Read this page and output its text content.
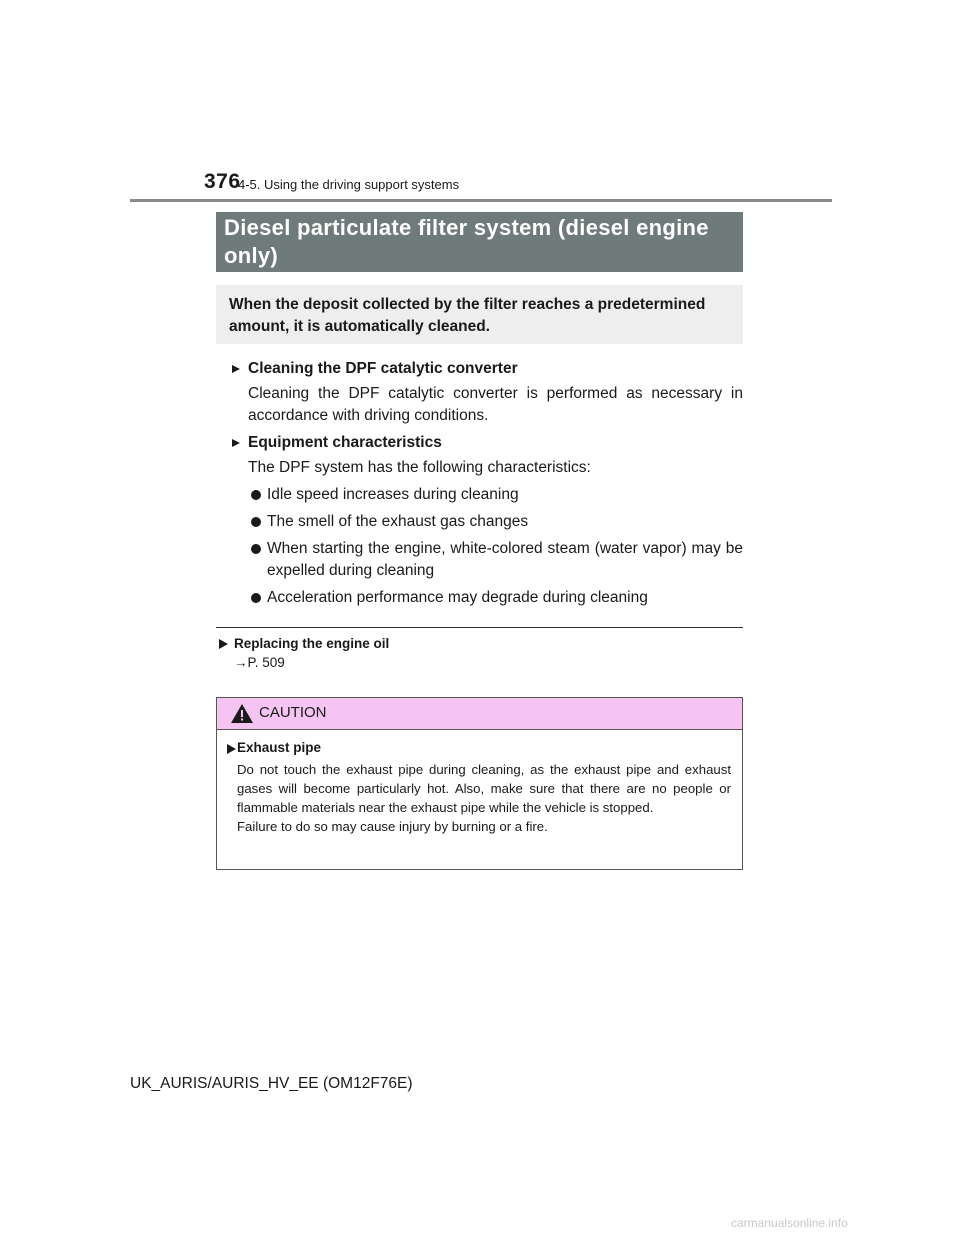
376
4-5. Using the driving support systems
Diesel particulate filter system (diesel engine only)
When the deposit collected by the filter reaches a predetermined amount, it is automatically cleaned.
Cleaning the DPF catalytic converter
Cleaning the DPF catalytic converter is performed as necessary in accordance with driving conditions.
Equipment characteristics
The DPF system has the following characteristics:
Idle speed increases during cleaning
The smell of the exhaust gas changes
When starting the engine, white-colored steam (water vapor) may be expelled during cleaning
Acceleration performance may degrade during cleaning
Replacing the engine oil
→P. 509
CAUTION
Exhaust pipe
Do not touch the exhaust pipe during cleaning, as the exhaust pipe and exhaust gases will become particularly hot. Also, make sure that there are no people or flammable materials near the exhaust pipe while the vehicle is stopped.
Failure to do so may cause injury by burning or a fire.
UK_AURIS/AURIS_HV_EE (OM12F76E)
carmanualsonline.info
